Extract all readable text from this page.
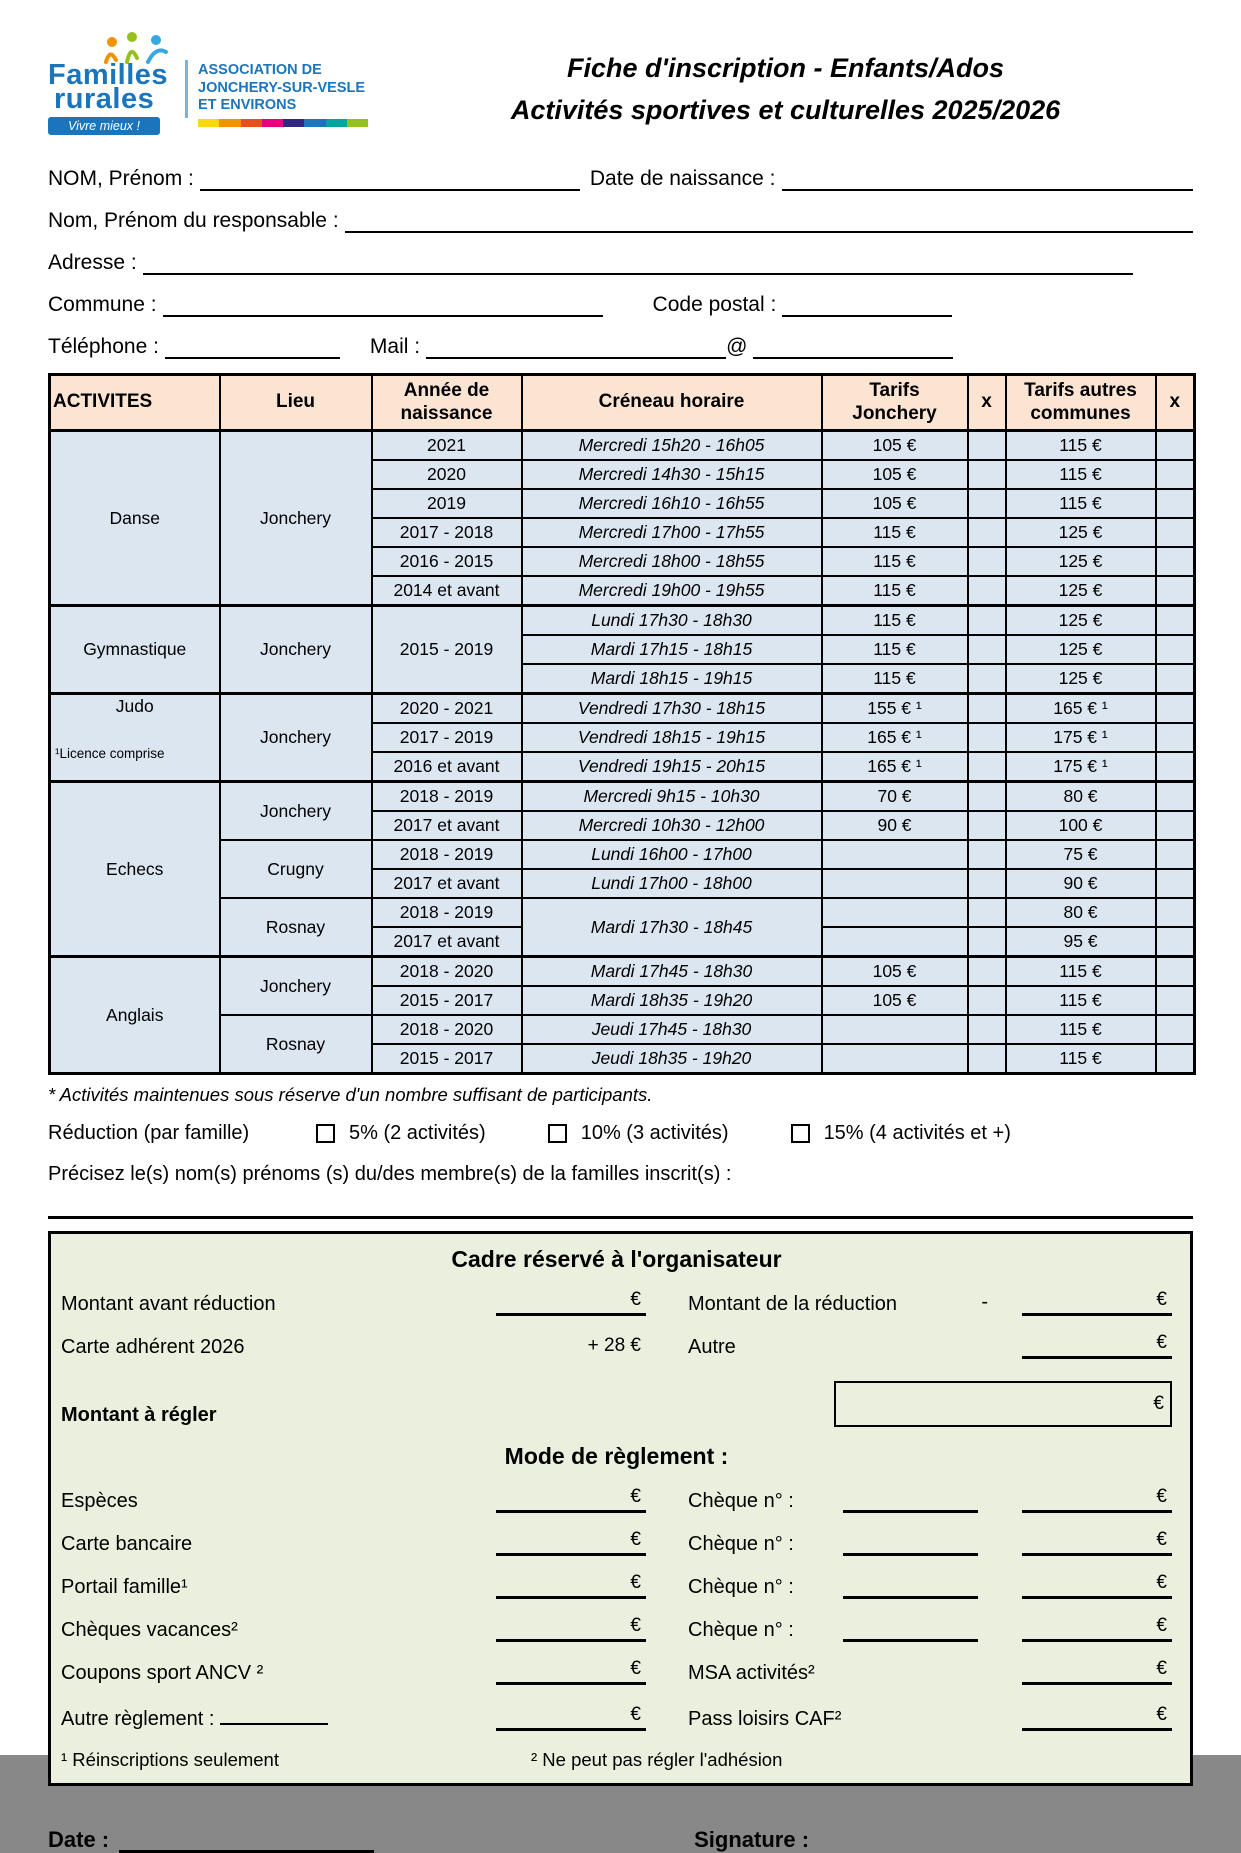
Familles
rurales
Vivre mieux !
ASSOCIATION DE
JONCHERY-SUR-VESLE
ET ENVIRONS
Fiche d'inscription - Enfants/Ados
Activités sportives et culturelles 2025/2026
NOM, Prénom :	Date de naissance :
Nom, Prénom du responsable :
Adresse :
Commune :	Code postal :
Téléphone :	Mail :	@
ACTIVITES	Lieu	Année de naissance	Créneau horaire	Tarifs Jonchery	x	Tarifs autres communes	x
Danse	Jonchery	2021	Mercredi 15h20 - 16h05	105 €		115 €	
		2020	Mercredi 14h30 - 15h15	105 €		115 €	
		2019	Mercredi 16h10 - 16h55	105 €		115 €	
		2017 - 2018	Mercredi 17h00 - 17h55	115 €		125 €	
		2016 - 2015	Mercredi 18h00 - 18h55	115 €		125 €	
		2014 et avant	Mercredi 19h00 - 19h55	115 €		125 €	
Gymnastique	Jonchery	2015 - 2019	Lundi 17h30 - 18h30	115 €		125 €	
			Mardi 17h15 - 18h15	115 €		125 €	
			Mardi 18h15 - 19h15	115 €		125 €	

Judo
¹Licence comprise	Jonchery	2020 - 2021	Vendredi 17h30 - 18h15	155 € ¹		165 € ¹	
		2017 - 2019	Vendredi 18h15 - 19h15	165 € ¹		175 € ¹	
		2016 et avant	Vendredi 19h15 - 20h15	165 € ¹		175 € ¹	
Echecs	Jonchery	2018 - 2019	Mercredi 9h15 - 10h30	70 €		80 €	
		2017 et avant	Mercredi 10h30 - 12h00	90 €		100 €	
	Crugny	2018 - 2019	Lundi 16h00 - 17h00			75 €	
		2017 et avant	Lundi 17h00 - 18h00			90 €	
	Rosnay	2018 - 2019	Mardi 17h30 - 18h45			80 €	
		2017 et avant				95 €	
Anglais	Jonchery	2018 - 2020	Mardi 17h45 - 18h30	105 €		115 €	
		2015 - 2017	Mardi 18h35 - 19h20	105 €		115 €	
	Rosnay	2018 - 2020	Jeudi 17h45 - 18h30			115 €	
		2015 - 2017	Jeudi 18h35 - 19h20			115 €	
* Activités maintenues sous réserve d'un nombre suffisant de participants.
Réduction (par famille)	5% (2 activités)	10% (3 activités)	15% (4 activités et +)
Précisez le(s) nom(s) prénoms (s) du/des membre(s) de la familles inscrit(s) :
Cadre réservé à l'organisateur
Montant avant réduction	€ Montant de la réduction	-	€
Carte adhérent 2026	+ 28 € Autre	€
Montant à régler
€
Mode de règlement :
Espèces	€ Chèque n° :	€
Carte bancaire	€ Chèque n° :	€
Portail famille¹	€ Chèque n° :	€
Chèques vacances²	€ Chèque n° :	€
Coupons sport ANCV ²	€ MSA activités²	€
Autre règlement :	€ Pass loisirs CAF²	€
¹ Réinscriptions seulement	² Ne peut pas régler l'adhésion
Date :	Signature :
